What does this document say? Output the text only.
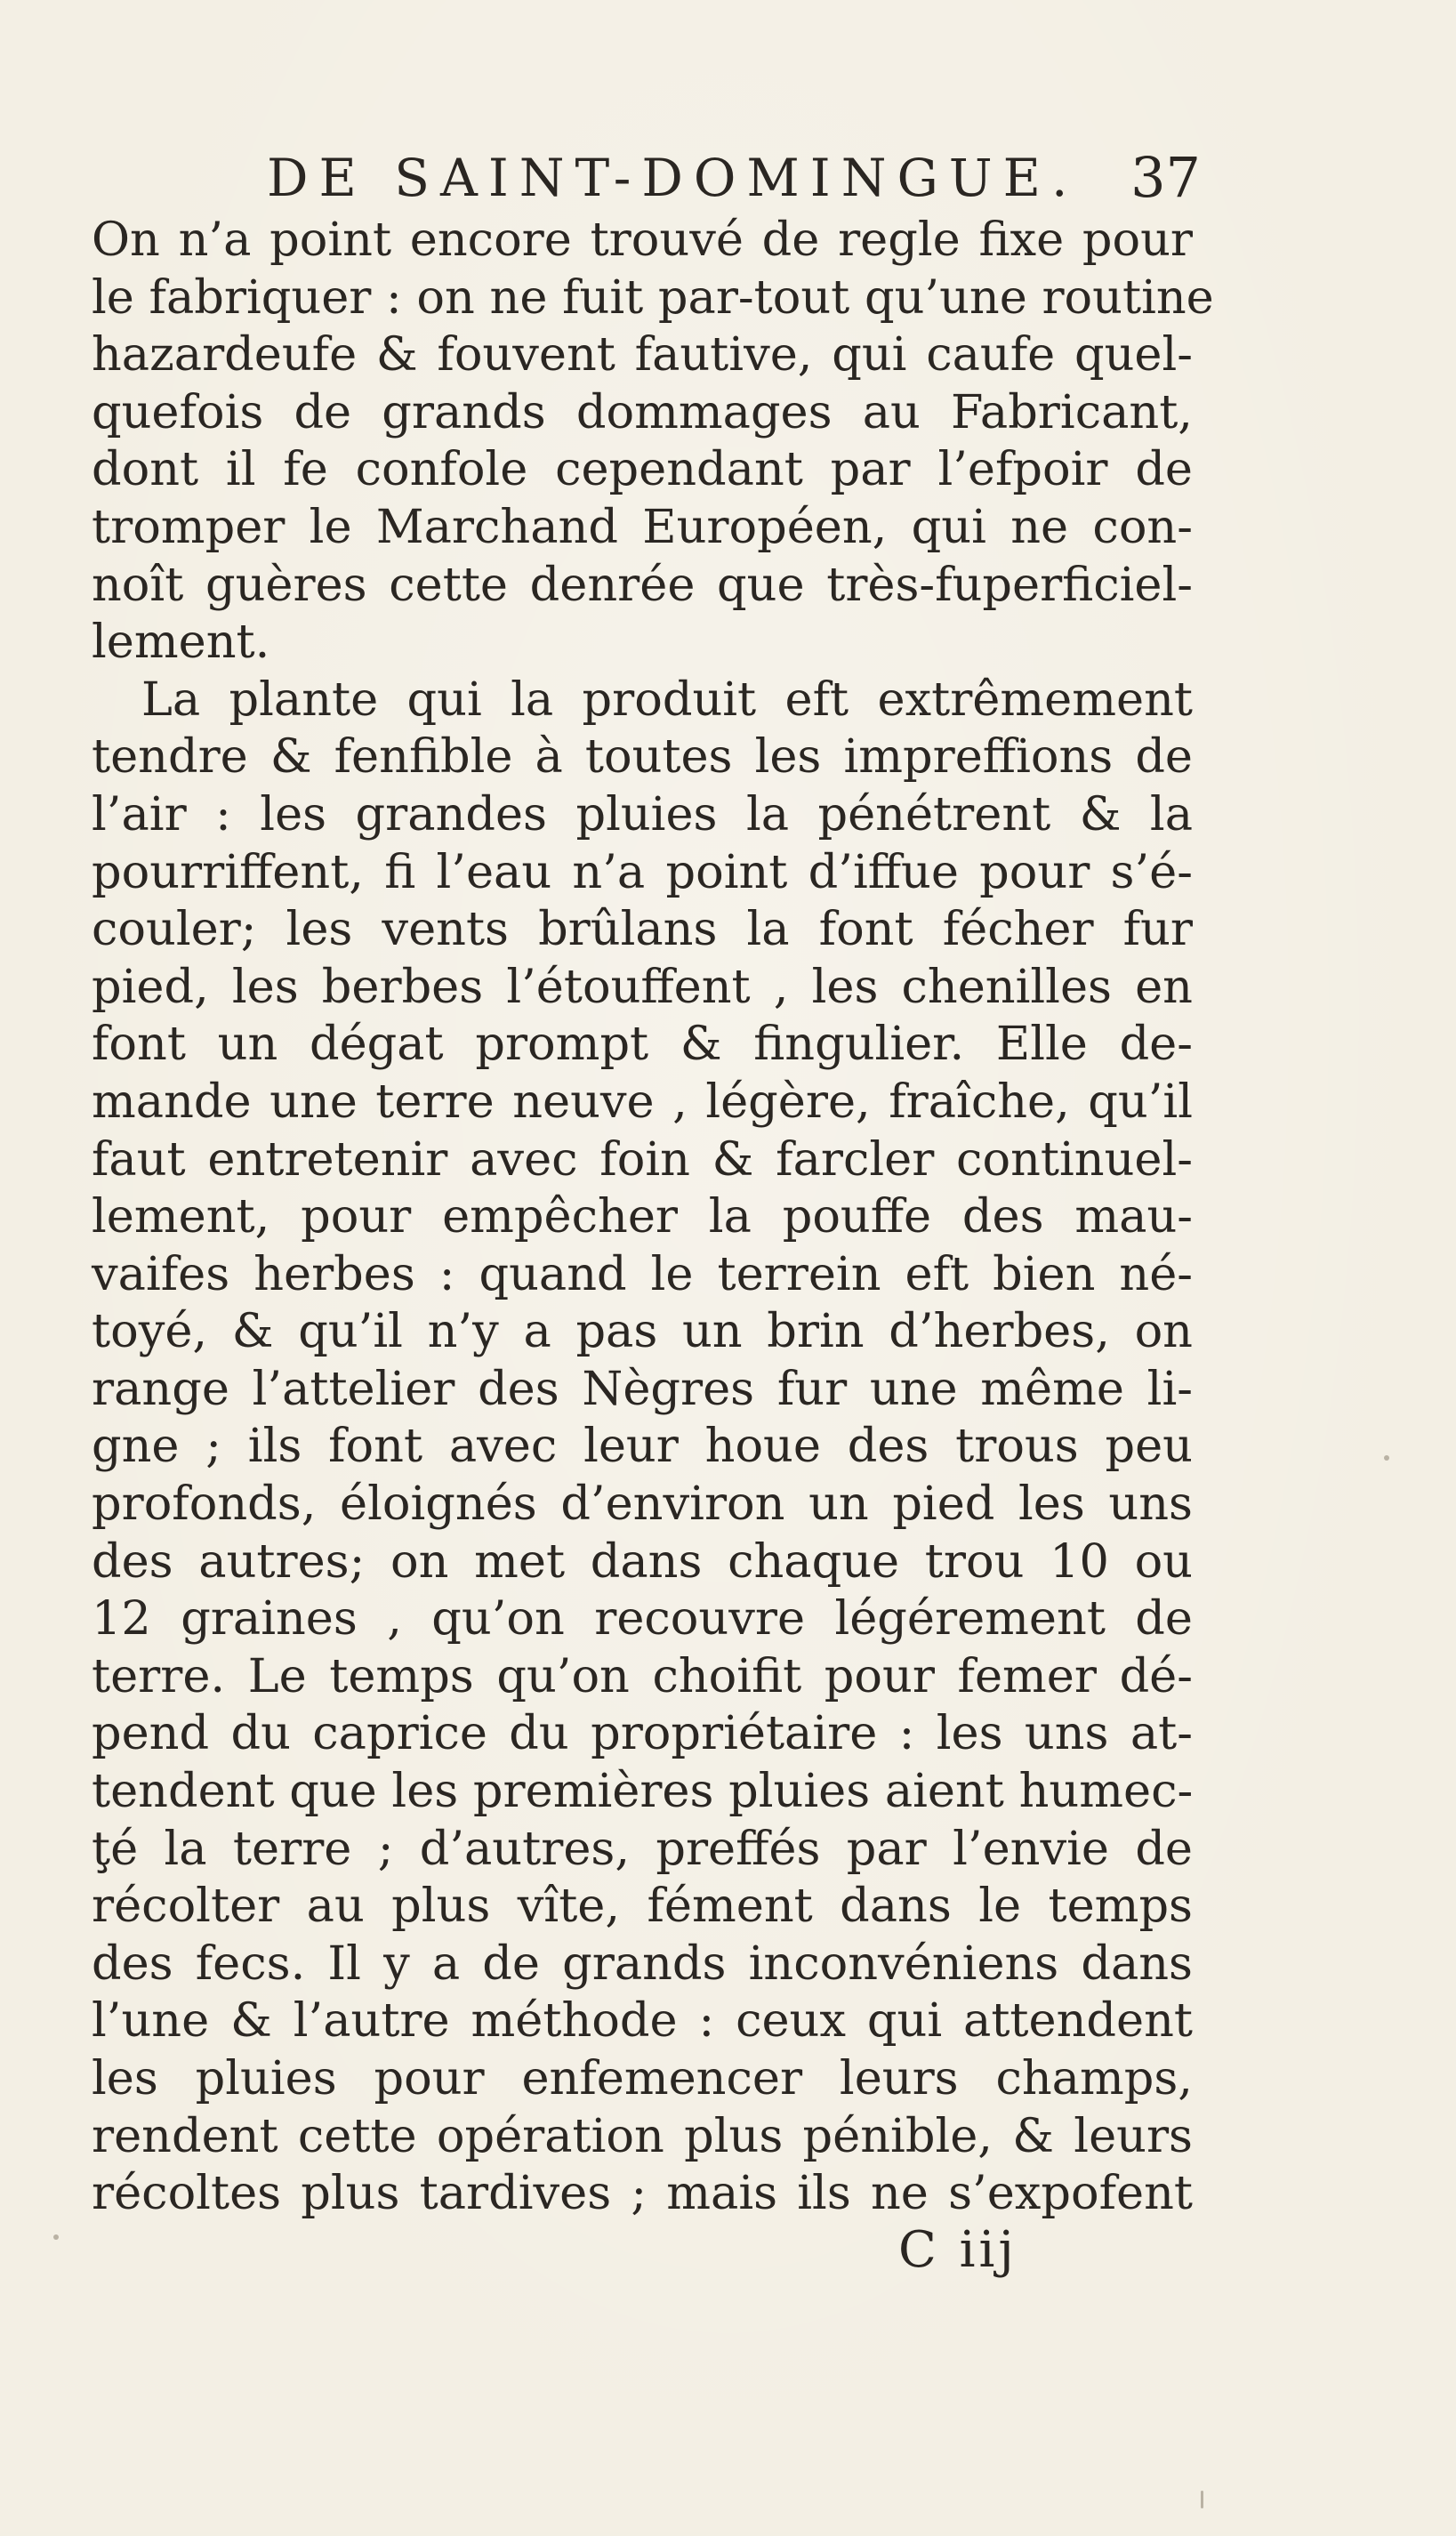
DE SAINT-DOMINGUE. 37
On n’a point encore trouvé de regle fixe pour
le fabriquer : on ne fuit par-tout qu’une routine
hazardeufe & fouvent fautive, qui caufe quel-
quefois de grands dommages au Fabricant,
dont il fe confole cependant par l’efpoir de
tromper le Marchand Européen, qui ne con-
noît guères cette denrée que très-fuperficiel-
lement.
La plante qui la produit eft extrêmement
tendre & fenfible à toutes les impreffions de
l’air : les grandes pluies la pénétrent & la
pourriffent, fi l’eau n’a point d’iffue pour s’é-
couler; les vents brûlans la font fécher fur
pied, les berbes l’étouffent , les chenilles en
font un dégat prompt & fingulier. Elle de-
mande une terre neuve , légère, fraîche, qu’il
faut entretenir avec foin & farcler continuel-
lement, pour empêcher la pouffe des mau-
vaifes herbes : quand le terrein eft bien né-
toyé, & qu’il n’y a pas un brin d’herbes, on
range l’attelier des Nègres fur une même li-
gne ; ils font avec leur houe des trous peu
profonds, éloignés d’environ un pied les uns
des autres; on met dans chaque trou 10 ou
12 graines , qu’on recouvre légérement de
terre. Le temps qu’on choifit pour femer dé-
pend du caprice du propriétaire : les uns at-
tendent que les premières pluies aient humec-
ţé la terre ; d’autres, preffés par l’envie de
récolter au plus vîte, fément dans le temps
des fecs. Il y a de grands inconvéniens dans
l’une & l’autre méthode : ceux qui attendent
les pluies pour enfemencer leurs champs,
rendent cette opération plus pénible, & leurs
récoltes plus tardives ; mais ils ne s’expofent
C iij
